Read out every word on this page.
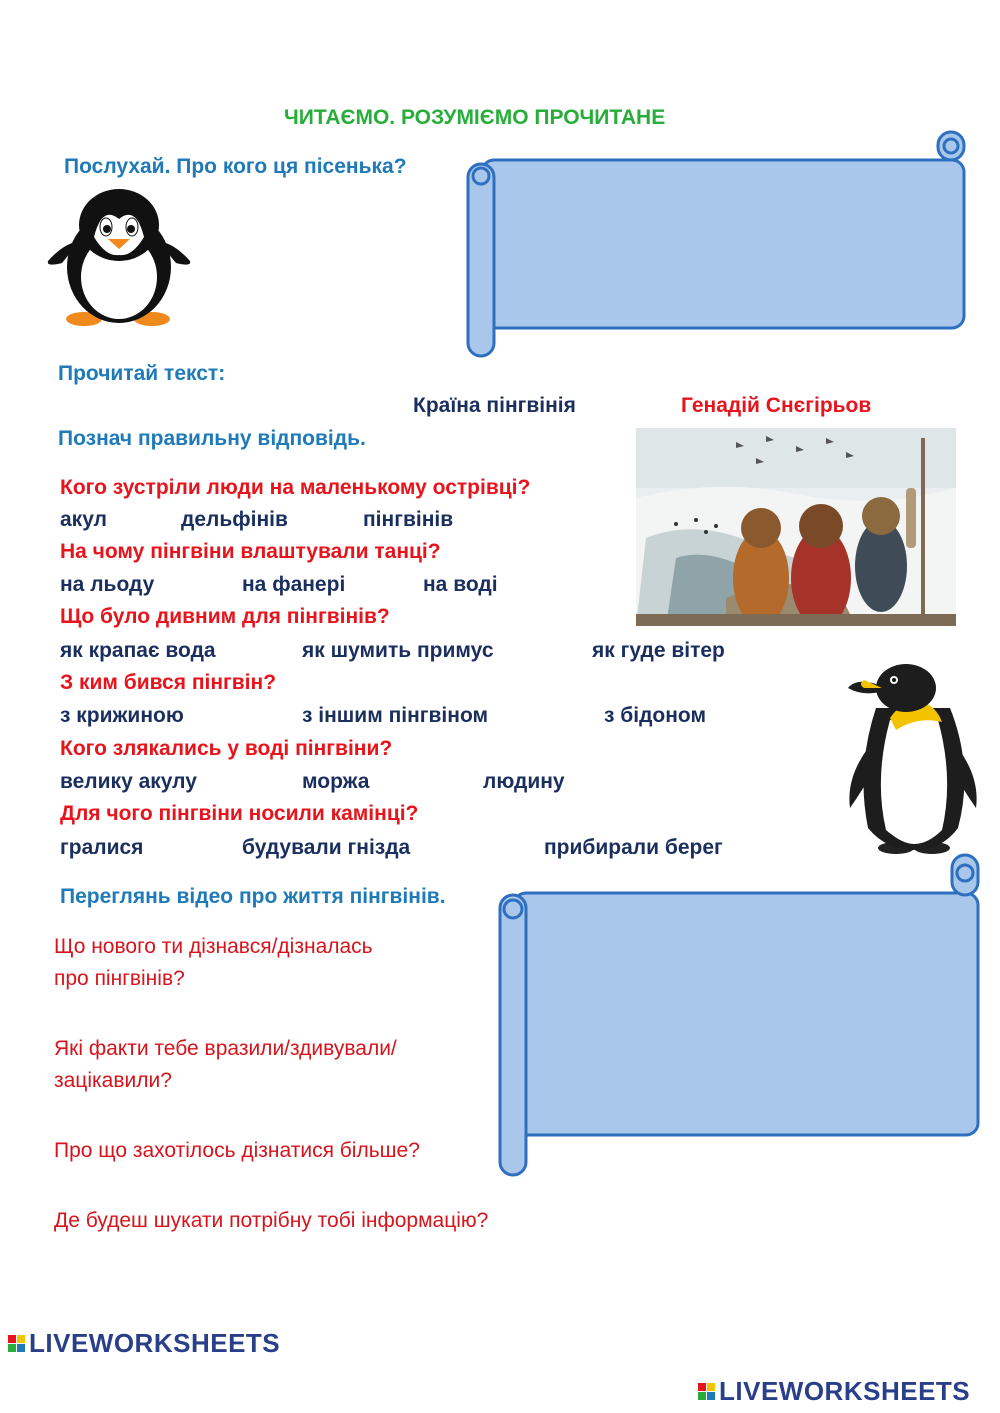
ЧИТАЄМО. РОЗУМІЄМО ПРОЧИТАНЕ
Послухай. Про кого ця пісенька?
Прочитай текст:
Країна пінгвінія	Генадій Снєгірьов
Познач правильну відповідь.
Кого зустріли люди на маленькому острівці?
акул	дельфінів	пінгвінів
На чому пінгвіни влаштували танці?
на льоду	на фанері	на воді
Що було дивним для пінгвінів?
як крапає вода	як шумить примус	як гуде вітер
З ким бився пінгвін?
з крижиною	з іншим пінгвіном	з бідоном
Кого злякались у воді пінгвіни?
велику акулу	моржа	людину
Для чого пінгвіни носили камінці?
гралися	будували гнізда	прибирали берег
Переглянь відео про життя пінгвінів.
Що нового ти дізнався/дізналась
про пінгвінів?
Які факти тебе вразили/здивували/
зацікавили?
Про що захотілось дізнатися більше?
Де будеш шукати потрібну тобі інформацію?
LIVEWORKSHEETS
LIVEWORKSHEETS
